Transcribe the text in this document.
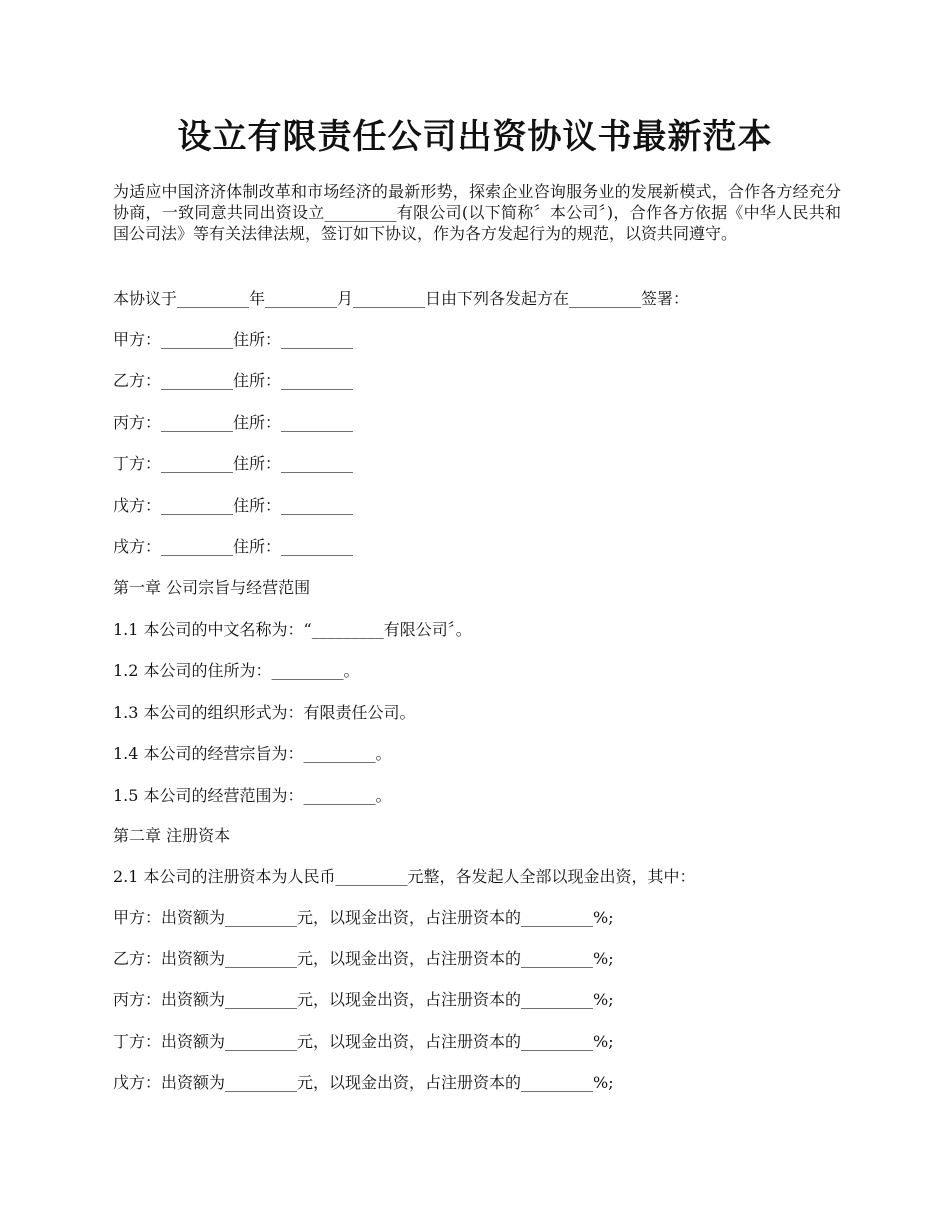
设立有限责任公司出资协议书最新范本

为适应中国济济体制改革和市场经济的最新形势，探索企业咨询服务业的发展新模式，合作各方经充分协商，一致同意共同出资设立_________有限公司(以下简称〞本公司〞)，合作各方依据《中华人民共和国公司法》等有关法律法规，签订如下协议，作为各方发起行为的规范，以资共同遵守。

本协议于_________年_________月_________日由下列各发起方在_________签署：

甲方：_________住所：_________

乙方：_________住所：_________

丙方：_________住所：_________

丁方：_________住所：_________

戊方：_________住所：_________

戌方：_________住所：_________

第一章 公司宗旨与经营范围

1.1 本公司的中文名称为：“_________有限公司〞。

1.2 本公司的住所为：_________。

1.3 本公司的组织形式为：有限责任公司。

1.4 本公司的经营宗旨为：_________。

1.5 本公司的经营范围为：_________。

第二章 注册资本

2.1 本公司的注册资本为人民币_________元整，各发起人全部以现金出资，其中：

甲方：出资额为_________元，以现金出资，占注册资本的_________%;

乙方：出资额为_________元，以现金出资，占注册资本的_________%;

丙方：出资额为_________元，以现金出资，占注册资本的_________%;

丁方：出资额为_________元，以现金出资，占注册资本的_________%;

戊方：出资额为_________元，以现金出资，占注册资本的_________%;
